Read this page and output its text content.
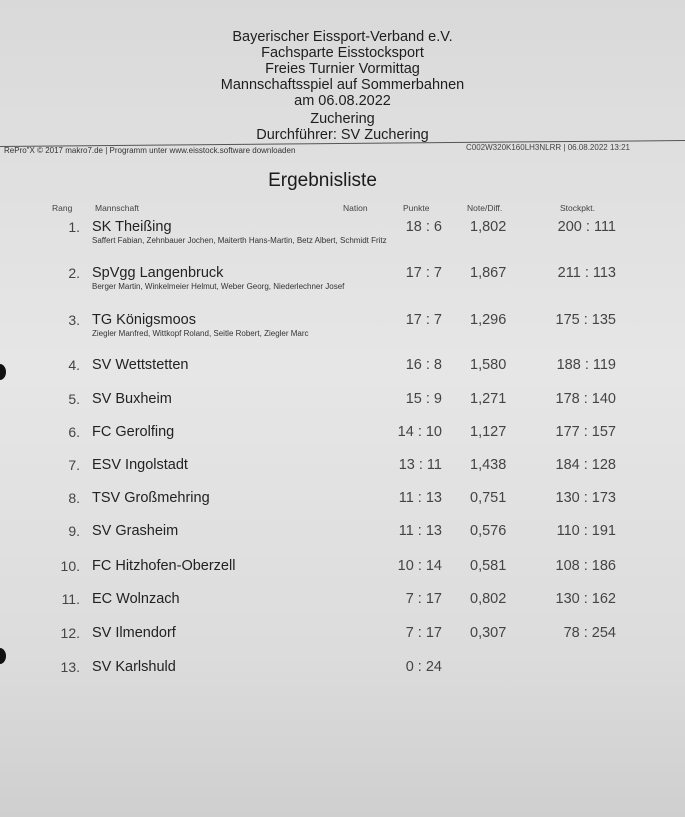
Bayerischer Eissport-Verband e.V.
Fachsparte Eisstocksport
Freies Turnier Vormittag
Mannschaftsspiel auf Sommerbahnen
am 06.08.2022
Zuchering
Durchführer: SV Zuchering
RePro"X © 2017 makro7.de | Programm unter www.eisstock.software downloaden	C002W320K160LH3NLRR | 06.08.2022 13:21
Ergebnisliste
Rang	Mannschaft	Nation	Punkte	Note/Diff.	Stockpkt.
1. SK Theißing
Saffert Fabian, Zehnbauer Jochen, Maiterth Hans-Martin, Betz Albert, Schmidt Fritz
18 : 6 1,802	200 : 111
2. SpVgg Langenbruck
Berger Martin, Winkelmeier Helmut, Weber Georg, Niederlechner Josef
17 : 7 1,867	211 : 113
3. TG Königsmoos
Ziegler Manfred, Wittkopf Roland, Seitle Robert, Ziegler Marc
17 : 7 1,296	175 : 135
4. SV Wettstetten	16 : 8 1,580	188 : 119
5. SV Buxheim	15 : 9 1,271	178 : 140
6. FC Gerolfing	14 : 10 1,127	177 : 157
7. ESV Ingolstadt	13 : 11 1,438	184 : 128
8. TSV Großmehring	11 : 13 0,751	130 : 173
9. SV Grasheim	11 : 13 0,576	110 : 191
10. FC Hitzhofen-Oberzell	10 : 14 0,581	108 : 186
11. EC Wolnzach	7 : 17 0,802	130 : 162
12. SV Ilmendorf	7 : 17 0,307	78 : 254
13. SV Karlshuld	0 : 24
